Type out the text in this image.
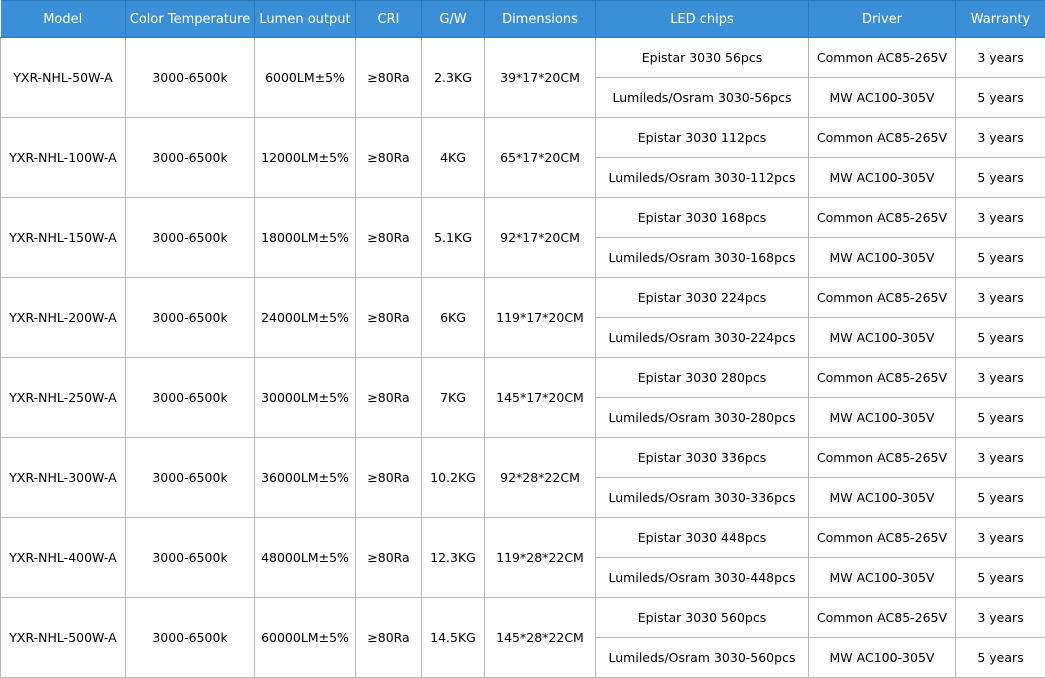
Model	Color Temperature	Lumen output	CRI	G/W	Dimensions	LED chips	Driver	Warranty
YXR-NHL-50W-A	3000-6500k	6000LM±5%	≥80Ra	2.3KG	39*17*20CM	Epistar 3030 56pcs	Common AC85-265V	3 years
						Lumileds/Osram 3030-56pcs	MW AC100-305V	5 years
YXR-NHL-100W-A	3000-6500k	12000LM±5%	≥80Ra	4KG	65*17*20CM	Epistar 3030 112pcs	Common AC85-265V	3 years
						Lumileds/Osram 3030-112pcs	MW AC100-305V	5 years
YXR-NHL-150W-A	3000-6500k	18000LM±5%	≥80Ra	5.1KG	92*17*20CM	Epistar 3030 168pcs	Common AC85-265V	3 years
						Lumileds/Osram 3030-168pcs	MW AC100-305V	5 years
YXR-NHL-200W-A	3000-6500k	24000LM±5%	≥80Ra	6KG	119*17*20CM	Epistar 3030 224pcs	Common AC85-265V	3 years
						Lumileds/Osram 3030-224pcs	MW AC100-305V	5 years
YXR-NHL-250W-A	3000-6500k	30000LM±5%	≥80Ra	7KG	145*17*20CM	Epistar 3030 280pcs	Common AC85-265V	3 years
						Lumileds/Osram 3030-280pcs	MW AC100-305V	5 years
YXR-NHL-300W-A	3000-6500k	36000LM±5%	≥80Ra	10.2KG	92*28*22CM	Epistar 3030 336pcs	Common AC85-265V	3 years
						Lumileds/Osram 3030-336pcs	MW AC100-305V	5 years
YXR-NHL-400W-A	3000-6500k	48000LM±5%	≥80Ra	12.3KG	119*28*22CM	Epistar 3030 448pcs	Common AC85-265V	3 years
						Lumileds/Osram 3030-448pcs	MW AC100-305V	5 years
YXR-NHL-500W-A	3000-6500k	60000LM±5%	≥80Ra	14.5KG	145*28*22CM	Epistar 3030 560pcs	Common AC85-265V	3 years
						Lumileds/Osram 3030-560pcs	MW AC100-305V	5 years
